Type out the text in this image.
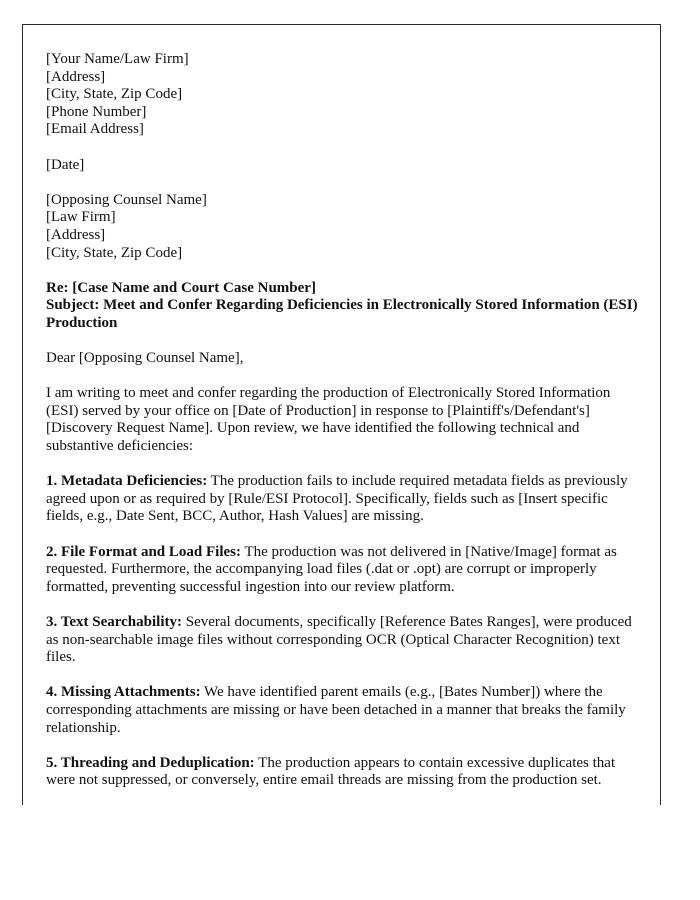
[Your Name/Law Firm]
[Address]
[City, State, Zip Code]
[Phone Number]
[Email Address]
[Date]
[Opposing Counsel Name]
[Law Firm]
[Address]
[City, State, Zip Code]
Re: [Case Name and Court Case Number]
Subject: Meet and Confer Regarding Deficiencies in Electronically Stored Information (ESI) Production
Dear [Opposing Counsel Name],

I am writing to meet and confer regarding the production of Electronically Stored Information (ESI) served by your office on [Date of Production] in response to [Plaintiff's/Defendant's] [Discovery Request Name]. Upon review, we have identified the following technical and substantive deficiencies:

1. Metadata Deficiencies: The production fails to include required metadata fields as previously agreed upon or as required by [Rule/ESI Protocol]. Specifically, fields such as [Insert specific fields, e.g., Date Sent, BCC, Author, Hash Values] are missing.

2. File Format and Load Files: The production was not delivered in [Native/Image] format as requested. Furthermore, the accompanying load files (.dat or .opt) are corrupt or improperly formatted, preventing successful ingestion into our review platform.

3. Text Searchability: Several documents, specifically [Reference Bates Ranges], were produced as non-searchable image files without corresponding OCR (Optical Character Recognition) text files.

4. Missing Attachments: We have identified parent emails (e.g., [Bates Number]) where the corresponding attachments are missing or have been detached in a manner that breaks the family relationship.

5. Threading and Deduplication: The production appears to contain excessive duplicates that were not suppressed, or conversely, entire email threads are missing from the production set.
